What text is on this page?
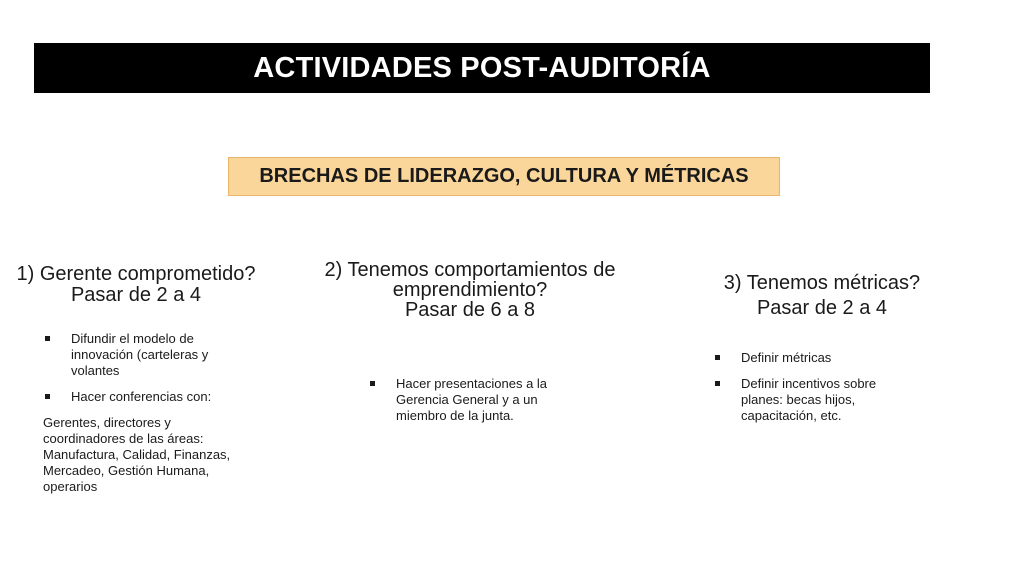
ACTIVIDADES POST-AUDITORÍA
BRECHAS DE LIDERAZGO, CULTURA Y MÉTRICAS
1) Gerente comprometido?
Pasar de 2 a 4
Difundir el modelo de innovación (carteleras y volantes
Hacer conferencias con:
Gerentes, directores y coordinadores de las áreas: Manufactura, Calidad, Finanzas, Mercadeo, Gestión Humana, operarios
2) Tenemos comportamientos de
emprendimiento?
Pasar de 6 a 8
Hacer presentaciones a la Gerencia General y a un miembro de la junta.
3) Tenemos métricas?
Pasar de 2 a 4
Definir métricas
Definir incentivos sobre planes: becas hijos, capacitación, etc.
